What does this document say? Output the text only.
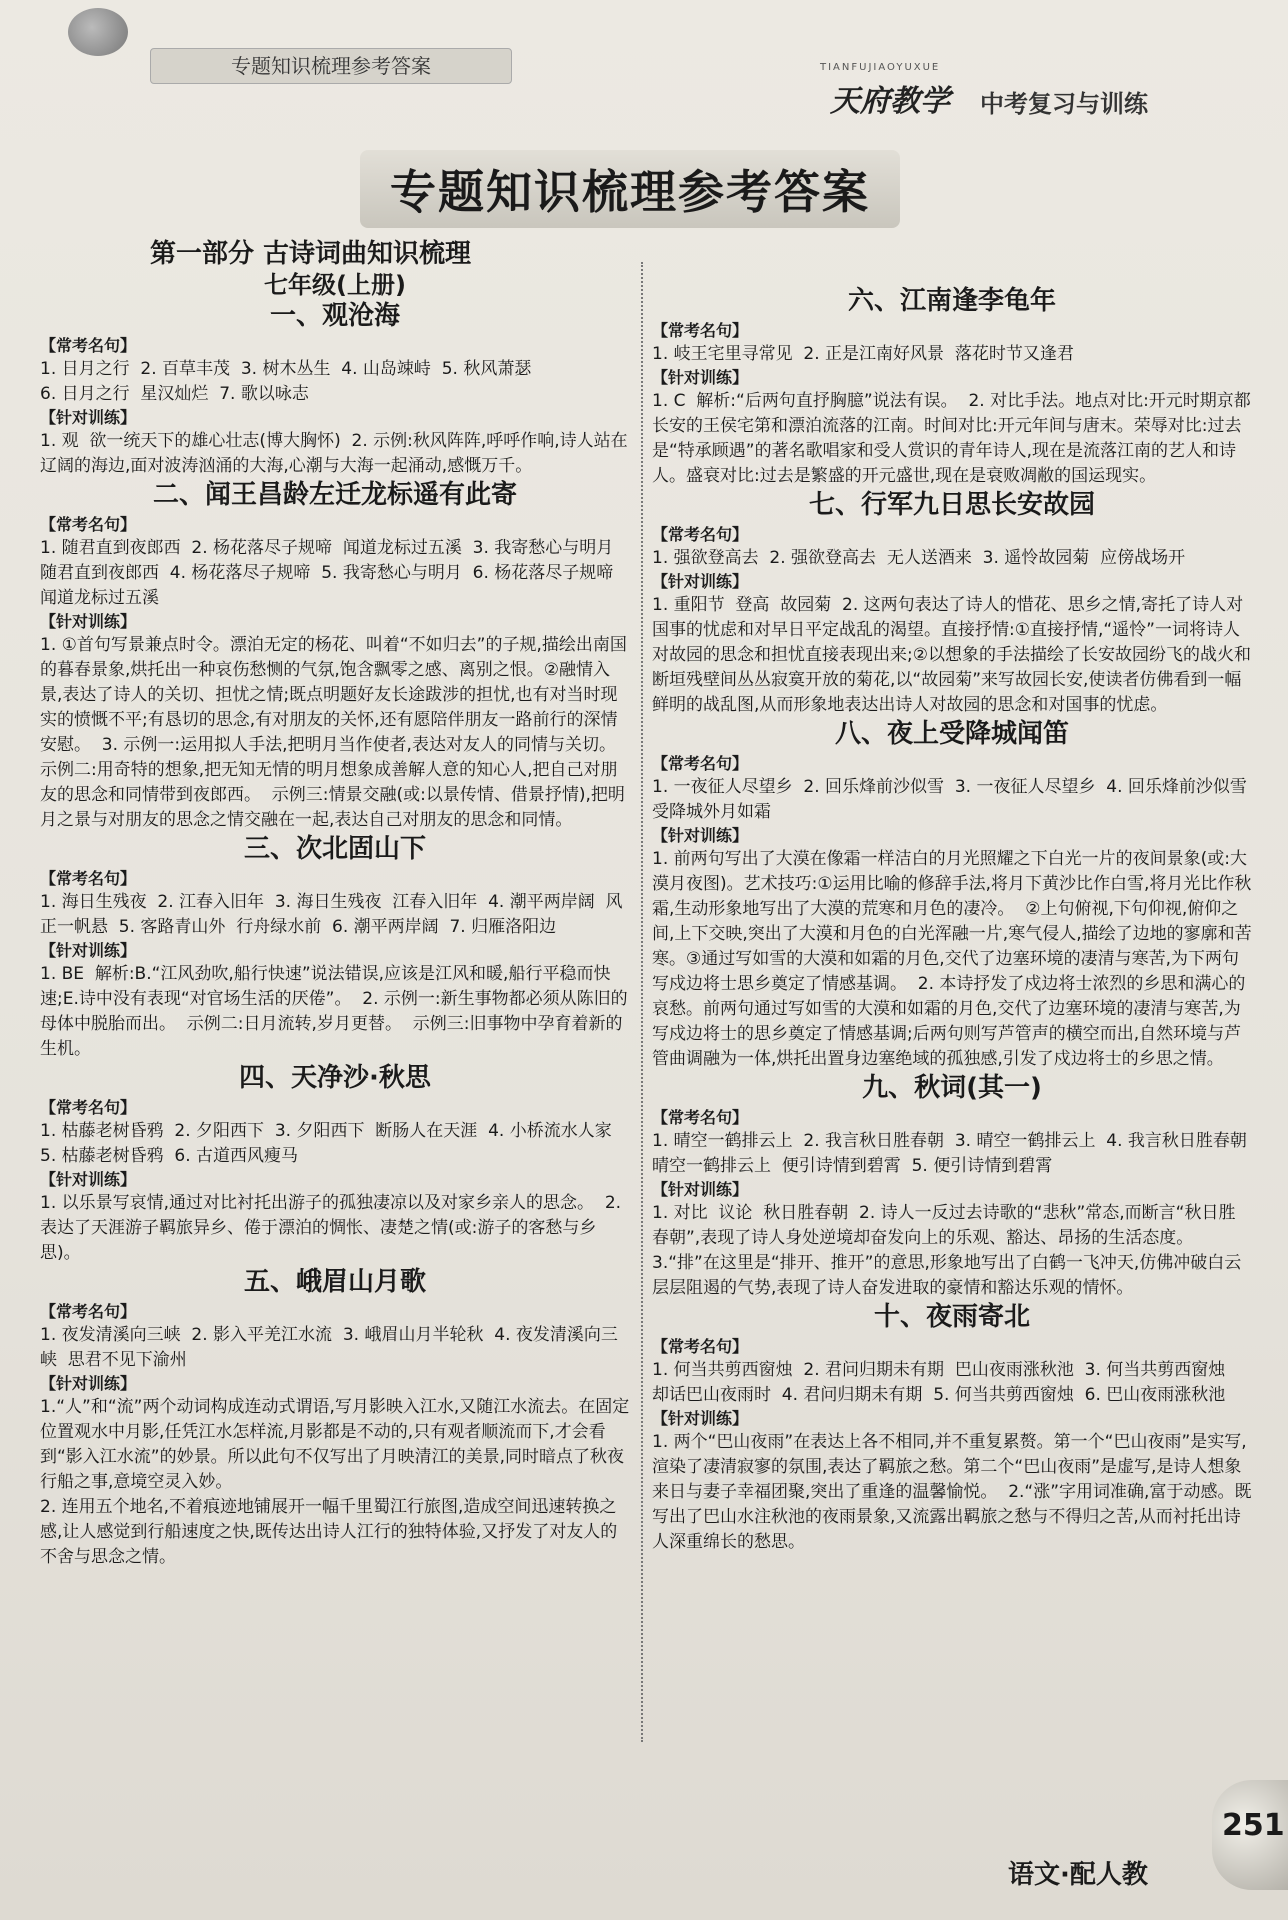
专题知识梳理参考答案	TIANFUJIAOYUXUE
天府教学 中考复习与训练
专题知识梳理参考答案
第一部分 古诗词曲知识梳理
七年级(上册)
一、观沧海
【常考名句】

1. 日月之行  2. 百草丰茂  3. 树木丛生  4. 山岛竦峙  5. 秋风萧瑟
6. 日月之行  星汉灿烂  7. 歌以咏志

【针对训练】

1. 观  欲一统天下的雄心壮志(博大胸怀)  2. 示例:秋风阵阵,呼呼作响,诗人站在辽阔的海边,面对波涛汹涌的大海,心潮与大海一起涌动,感慨万千。

二、闻王昌龄左迁龙标遥有此寄
【常考名句】

1. 随君直到夜郎西  2. 杨花落尽子规啼  闻道龙标过五溪  3. 我寄愁心与明月  随君直到夜郎西  4. 杨花落尽子规啼  5. 我寄愁心与明月  6. 杨花落尽子规啼  闻道龙标过五溪

【针对训练】

1. ①首句写景兼点时令。漂泊无定的杨花、叫着“不如归去”的子规,描绘出南国的暮春景象,烘托出一种哀伤愁恻的气氛,饱含飘零之感、离别之恨。②融情入景,表达了诗人的关切、担忧之情;既点明题好友长途跋涉的担忧,也有对当时现实的愤慨不平;有恳切的思念,有对朋友的关怀,还有愿陪伴朋友一路前行的深情安慰。  3. 示例一:运用拟人手法,把明月当作使者,表达对友人的同情与关切。示例二:用奇特的想象,把无知无情的明月想象成善解人意的知心人,把自己对朋友的思念和同情带到夜郎西。  示例三:情景交融(或:以景传情、借景抒情),把明月之景与对朋友的思念之情交融在一起,表达自己对朋友的思念和同情。

三、次北固山下
【常考名句】

1. 海日生残夜  2. 江春入旧年  3. 海日生残夜  江春入旧年  4. 潮平两岸阔  风正一帆悬  5. 客路青山外  行舟绿水前  6. 潮平两岸阔  7. 归雁洛阳边

【针对训练】

1. BE  解析:B.“江风劲吹,船行快速”说法错误,应该是江风和暖,船行平稳而快速;E.诗中没有表现“对官场生活的厌倦”。  2. 示例一:新生事物都必须从陈旧的母体中脱胎而出。  示例二:日月流转,岁月更替。  示例三:旧事物中孕育着新的生机。

四、天净沙·秋思
【常考名句】

1. 枯藤老树昏鸦  2. 夕阳西下  3. 夕阳西下  断肠人在天涯  4. 小桥流水人家  5. 枯藤老树昏鸦  6. 古道西风瘦马

【针对训练】

1. 以乐景写哀情,通过对比衬托出游子的孤独凄凉以及对家乡亲人的思念。  2. 表达了天涯游子羁旅异乡、倦于漂泊的惆怅、凄楚之情(或:游子的客愁与乡思)。

五、峨眉山月歌
【常考名句】

1. 夜发清溪向三峡  2. 影入平羌江水流  3. 峨眉山月半轮秋  4. 夜发清溪向三峡  思君不见下渝州

【针对训练】

1.“人”和“流”两个动词构成连动式谓语,写月影映入江水,又随江水流去。在固定位置观水中月影,任凭江水怎样流,月影都是不动的,只有观者顺流而下,才会看到“影入江水流”的妙景。所以此句不仅写出了月映清江的美景,同时暗点了秋夜行船之事,意境空灵入妙。
2. 连用五个地名,不着痕迹地铺展开一幅千里蜀江行旅图,造成空间迅速转换之感,让人感觉到行船速度之快,既传达出诗人江行的独特体验,又抒发了对友人的不舍与思念之情。

六、江南逢李龟年
【常考名句】

1. 岐王宅里寻常见  2. 正是江南好风景  落花时节又逢君

【针对训练】

1. C  解析:“后两句直抒胸臆”说法有误。  2. 对比手法。地点对比:开元时期京都长安的王侯宅第和漂泊流落的江南。时间对比:开元年间与唐末。荣辱对比:过去是“特承顾遇”的著名歌唱家和受人赏识的青年诗人,现在是流落江南的艺人和诗人。盛衰对比:过去是繁盛的开元盛世,现在是衰败凋敝的国运现实。

七、行军九日思长安故园
【常考名句】

1. 强欲登高去  2. 强欲登高去  无人送酒来  3. 遥怜故园菊  应傍战场开

【针对训练】

1. 重阳节  登高  故园菊  2. 这两句表达了诗人的惜花、思乡之情,寄托了诗人对国事的忧虑和对早日平定战乱的渴望。直接抒情:①直接抒情,“遥怜”一词将诗人对故园的思念和担忧直接表现出来;②以想象的手法描绘了长安故园纷飞的战火和断垣残壁间丛丛寂寞开放的菊花,以“故园菊”来写故园长安,使读者仿佛看到一幅鲜明的战乱图,从而形象地表达出诗人对故园的思念和对国事的忧虑。

八、夜上受降城闻笛
【常考名句】

1. 一夜征人尽望乡  2. 回乐烽前沙似雪  3. 一夜征人尽望乡  4. 回乐烽前沙似雪  受降城外月如霜

【针对训练】

1. 前两句写出了大漠在像霜一样洁白的月光照耀之下白光一片的夜间景象(或:大漠月夜图)。艺术技巧:①运用比喻的修辞手法,将月下黄沙比作白雪,将月光比作秋霜,生动形象地写出了大漠的荒寒和月色的凄冷。  ②上句俯视,下句仰视,俯仰之间,上下交映,突出了大漠和月色的白光浑融一片,寒气侵人,描绘了边地的寥廓和苦寒。③通过写如雪的大漠和如霜的月色,交代了边塞环境的凄清与寒苦,为下两句写戍边将士思乡奠定了情感基调。  2. 本诗抒发了戍边将士浓烈的乡思和满心的哀愁。前两句通过写如雪的大漠和如霜的月色,交代了边塞环境的凄清与寒苦,为写戍边将士的思乡奠定了情感基调;后两句则写芦管声的横空而出,自然环境与芦管曲调融为一体,烘托出置身边塞绝域的孤独感,引发了戍边将士的乡思之情。

九、秋词(其一)
【常考名句】

1. 晴空一鹤排云上  2. 我言秋日胜春朝  3. 晴空一鹤排云上  4. 我言秋日胜春朝  晴空一鹤排云上  便引诗情到碧霄  5. 便引诗情到碧霄

【针对训练】

1. 对比  议论  秋日胜春朝  2. 诗人一反过去诗歌的“悲秋”常态,而断言“秋日胜春朝”,表现了诗人身处逆境却奋发向上的乐观、豁达、昂扬的生活态度。  3.“排”在这里是“排开、推开”的意思,形象地写出了白鹤一飞冲天,仿佛冲破白云层层阻遏的气势,表现了诗人奋发进取的豪情和豁达乐观的情怀。

十、夜雨寄北
【常考名句】

1. 何当共剪西窗烛  2. 君问归期未有期  巴山夜雨涨秋池  3. 何当共剪西窗烛  却话巴山夜雨时  4. 君问归期未有期  5. 何当共剪西窗烛  6. 巴山夜雨涨秋池

【针对训练】

1. 两个“巴山夜雨”在表达上各不相同,并不重复累赘。第一个“巴山夜雨”是实写,渲染了凄清寂寥的氛围,表达了羁旅之愁。第二个“巴山夜雨”是虚写,是诗人想象来日与妻子幸福团聚,突出了重逢的温馨愉悦。  2.“涨”字用词准确,富于动感。既写出了巴山水注秋池的夜雨景象,又流露出羁旅之愁与不得归之苦,从而衬托出诗人深重绵长的愁思。

251
语文·配人教
